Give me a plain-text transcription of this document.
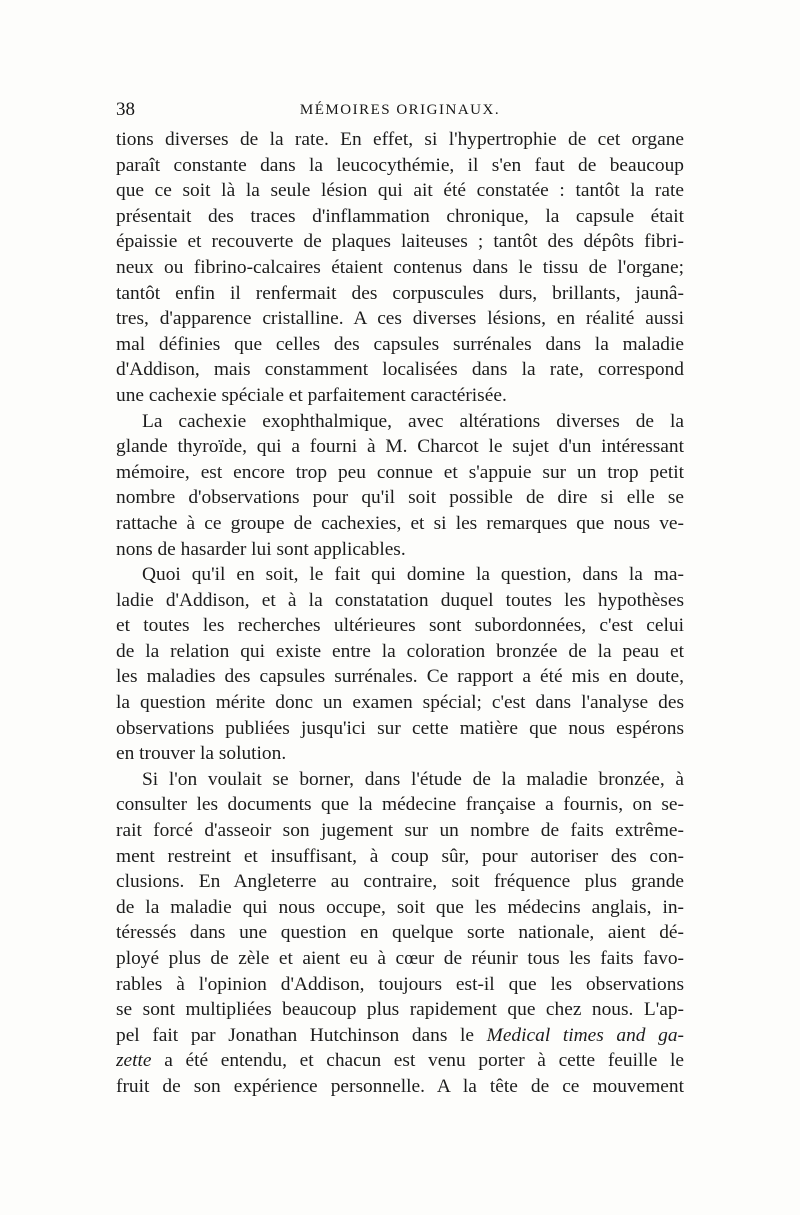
38	MÉMOIRES ORIGINAUX.
tions diverses de la rate. En effet, si l'hypertrophie de cet organe
paraît constante dans la leucocythémie, il s'en faut de beaucoup
que ce soit là la seule lésion qui ait été constatée : tantôt la rate
présentait des traces d'inflammation chronique, la capsule était
épaissie et recouverte de plaques laiteuses ; tantôt des dépôts fibri-
neux ou fibrino-calcaires étaient contenus dans le tissu de l'organe;
tantôt enfin il renfermait des corpuscules durs, brillants, jaunâ-
tres, d'apparence cristalline. A ces diverses lésions, en réalité aussi
mal définies que celles des capsules surrénales dans la maladie
d'Addison, mais constamment localisées dans la rate, correspond
une cachexie spéciale et parfaitement caractérisée.
La cachexie exophthalmique, avec altérations diverses de la
glande thyroïde, qui a fourni à M. Charcot le sujet d'un intéressant
mémoire, est encore trop peu connue et s'appuie sur un trop petit
nombre d'observations pour qu'il soit possible de dire si elle se
rattache à ce groupe de cachexies, et si les remarques que nous ve-
nons de hasarder lui sont applicables.
Quoi qu'il en soit, le fait qui domine la question, dans la ma-
ladie d'Addison, et à la constatation duquel toutes les hypothèses
et toutes les recherches ultérieures sont subordonnées, c'est celui
de la relation qui existe entre la coloration bronzée de la peau et
les maladies des capsules surrénales. Ce rapport a été mis en doute,
la question mérite donc un examen spécial; c'est dans l'analyse des
observations publiées jusqu'ici sur cette matière que nous espérons
en trouver la solution.
Si l'on voulait se borner, dans l'étude de la maladie bronzée, à
consulter les documents que la médecine française a fournis, on se-
rait forcé d'asseoir son jugement sur un nombre de faits extrême-
ment restreint et insuffisant, à coup sûr, pour autoriser des con-
clusions. En Angleterre au contraire, soit fréquence plus grande
de la maladie qui nous occupe, soit que les médecins anglais, in-
téressés dans une question en quelque sorte nationale, aient dé-
ployé plus de zèle et aient eu à cœur de réunir tous les faits favo-
rables à l'opinion d'Addison, toujours est-il que les observations
se sont multipliées beaucoup plus rapidement que chez nous. L'ap-
pel fait par Jonathan Hutchinson dans le Medical times and ga-
zette a été entendu, et chacun est venu porter à cette feuille le
fruit de son expérience personnelle. A la tête de ce mouvement
